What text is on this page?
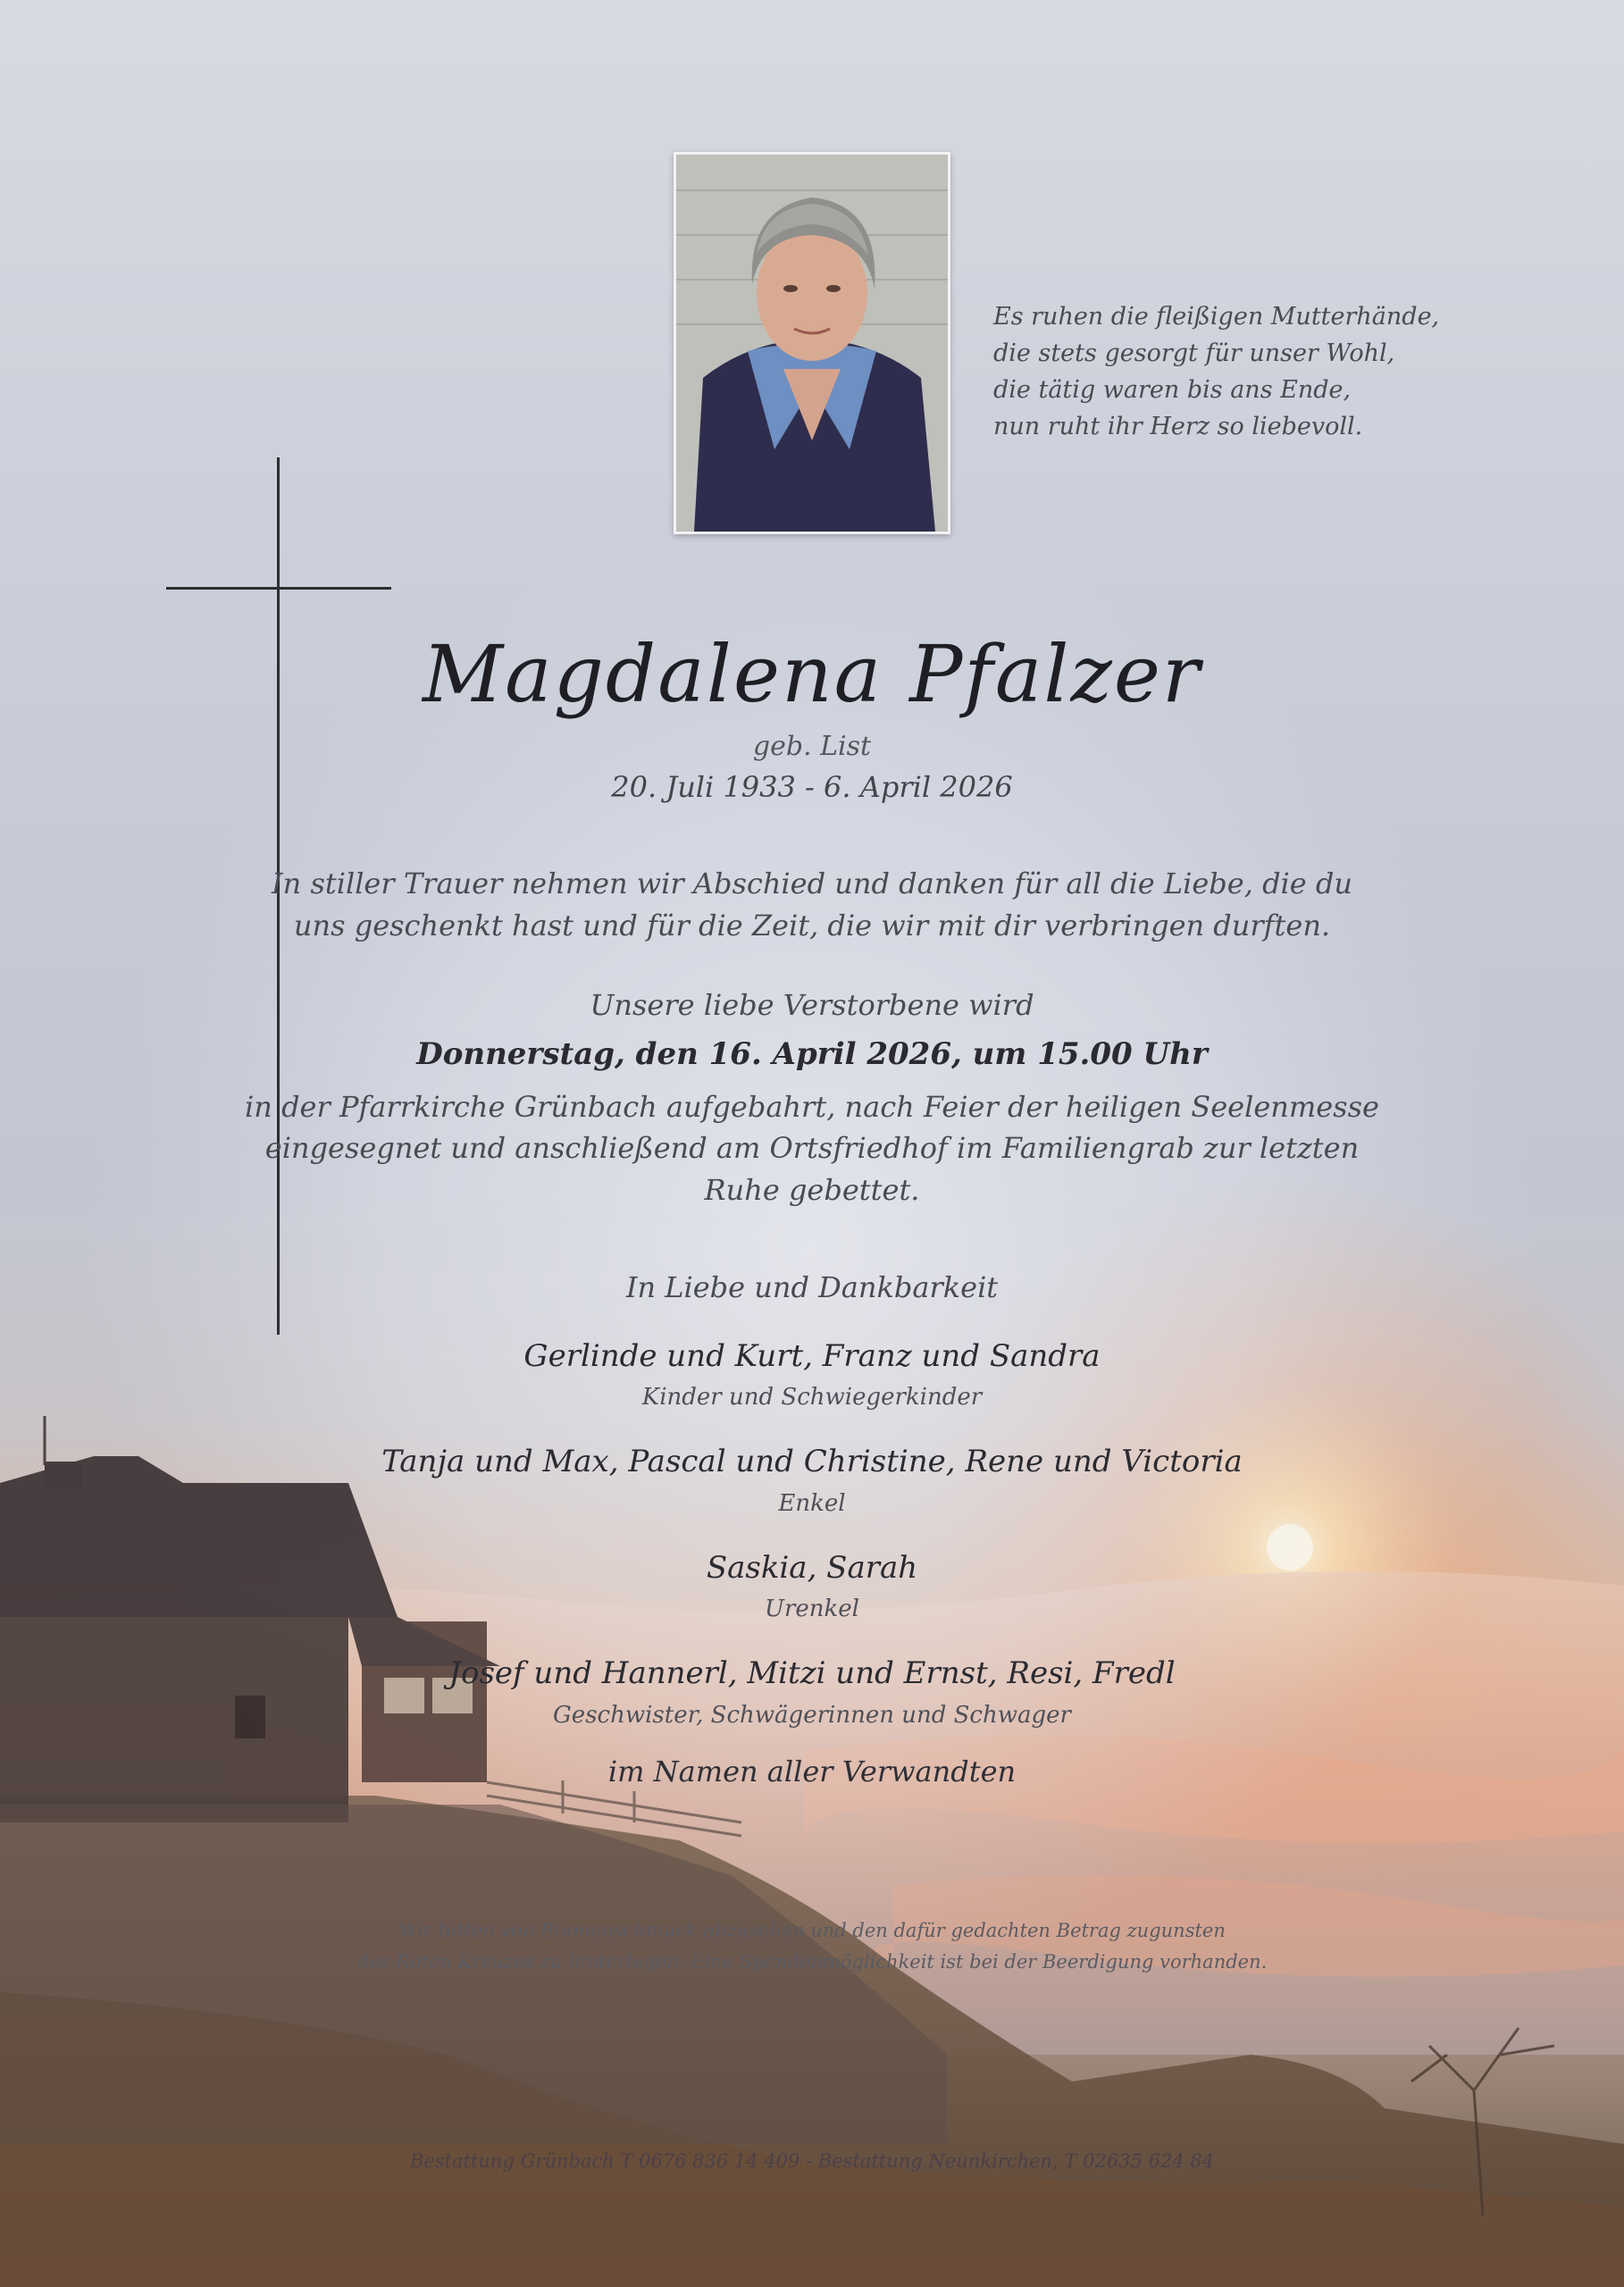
Es ruhen die fleißigen Mutterhände,
die stets gesorgt für unser Wohl,
die tätig waren bis ans Ende,
nun ruht ihr Herz so liebevoll.
Magdalena Pfalzer
geb. List
20. Juli 1933 - 6. April 2026
In stiller Trauer nehmen wir Abschied und danken für all die Liebe, die du
uns geschenkt hast und für die Zeit, die wir mit dir verbringen durften.
Unsere liebe Verstorbene wird
Donnerstag, den 16. April 2026, um 15.00 Uhr
in der Pfarrkirche Grünbach aufgebahrt, nach Feier der heiligen Seelenmesse
eingesegnet und anschließend am Ortsfriedhof im Familiengrab zur letzten
Ruhe gebettet.
In Liebe und Dankbarkeit
Gerlinde und Kurt, Franz und Sandra
Kinder und Schwiegerkinder
Tanja und Max, Pascal und Christine, Rene und Victoria
Enkel
Saskia, Sarah
Urenkel
Josef und Hannerl, Mitzi und Ernst, Resi, Fredl
Geschwister, Schwägerinnen und Schwager
im Namen aller Verwandten
Wir bitten von Blumenschmuck abzusehen und den dafür gedachten Betrag zugunsten
des Roten Kreuzes zu hinterlegen. Eine Spendenmöglichkeit ist bei der Beerdigung vorhanden.
Bestattung Grünbach T 0676 836 14 409 - Bestattung Neunkirchen, T 02635 624 84
